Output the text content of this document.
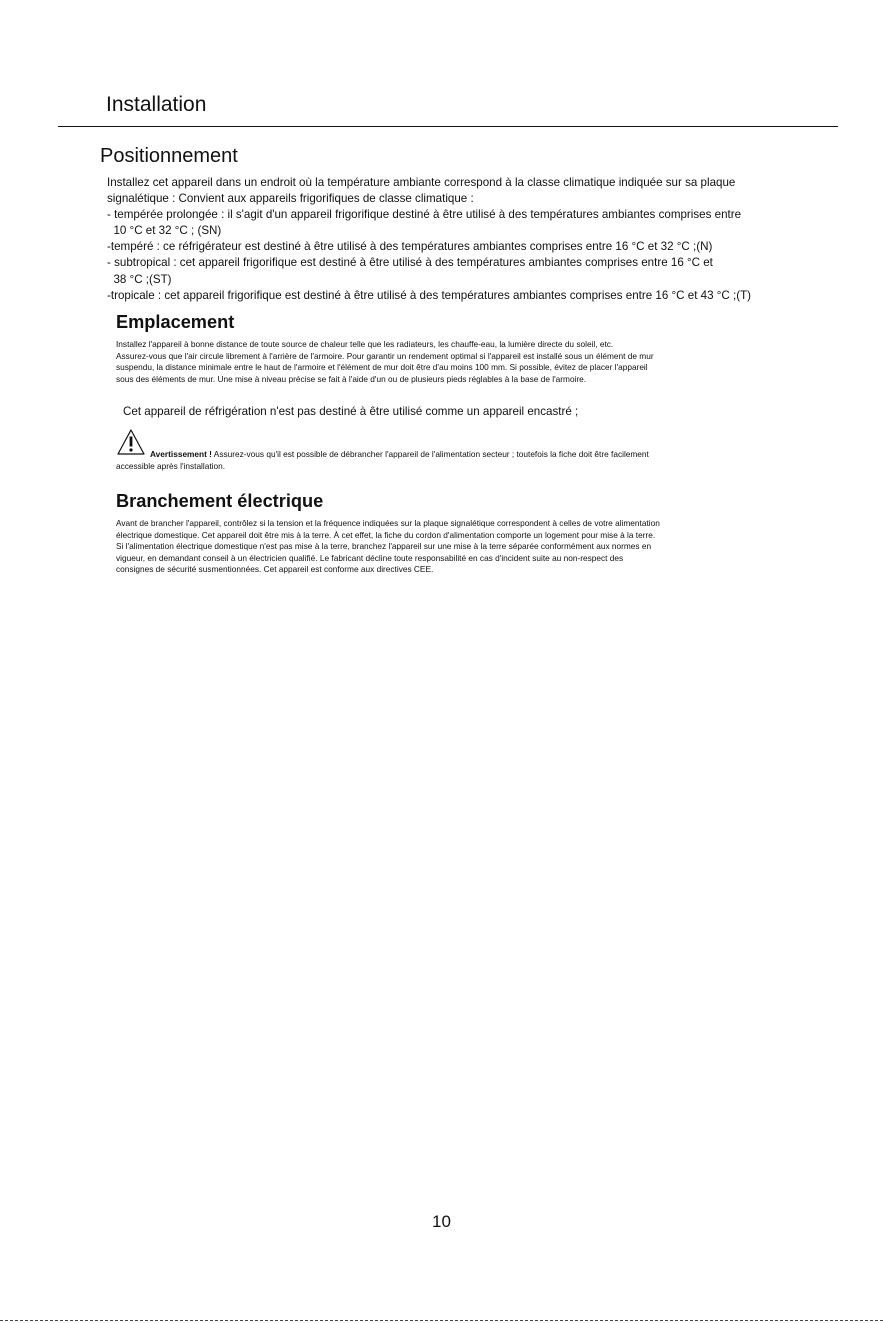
Installation
Positionnement
Installez cet appareil dans un endroit où la température ambiante correspond à la classe climatique indiquée sur sa plaque
signalétique : Convient aux appareils frigorifiques de classe climatique :
- tempérée prolongée : il s'agit d'un appareil frigorifique destiné à être utilisé à des températures ambiantes comprises entre
10 °C et 32 °C ; (SN)
-tempéré : ce réfrigérateur est destiné à être utilisé à des températures ambiantes comprises entre 16 °C et 32 °C ;(N)
- subtropical : cet appareil frigorifique est destiné à être utilisé à des températures ambiantes comprises entre 16 °C et
38 °C ;(ST)
-tropicale : cet appareil frigorifique est destiné à être utilisé à des températures ambiantes comprises entre 16 °C et 43 °C ;(T)
Emplacement
Installez l'appareil à bonne distance de toute source de chaleur telle que les radiateurs, les chauffe-eau, la lumière directe du soleil, etc.
Assurez-vous que l'air circule librement à l'arrière de l'armoire. Pour garantir un rendement optimal si l'appareil est installé sous un élément de mur
suspendu, la distance minimale entre le haut de l'armoire et l'élément de mur doit être d'au moins 100 mm. Si possible, évitez de placer l'appareil
sous des éléments de mur. Une mise à niveau précise se fait à l'aide d'un ou de plusieurs pieds réglables à la base de l'armoire.
Cet appareil de réfrigération n'est pas destiné à être utilisé comme un appareil encastré ;
Avertissement ! Assurez-vous qu'il est possible de débrancher l'appareil de l'alimentation secteur ; toutefois la fiche doit être facilement
accessible après l'installation.
Branchement électrique
Avant de brancher l'appareil, contrôlez si la tension et la fréquence indiquées sur la plaque signalétique correspondent à celles de votre alimentation
électrique domestique. Cet appareil doit être mis à la terre. À cet effet, la fiche du cordon d'alimentation comporte un logement pour mise à la terre.
Si l'alimentation électrique domestique n'est pas mise à la terre, branchez l'appareil sur une mise à la terre séparée conformément aux normes en
vigueur, en demandant conseil à un électricien qualifié. Le fabricant décline toute responsabilité en cas d'incident suite au non-respect des
consignes de sécurité susmentionnées. Cet appareil est conforme aux directives CEE.
10
